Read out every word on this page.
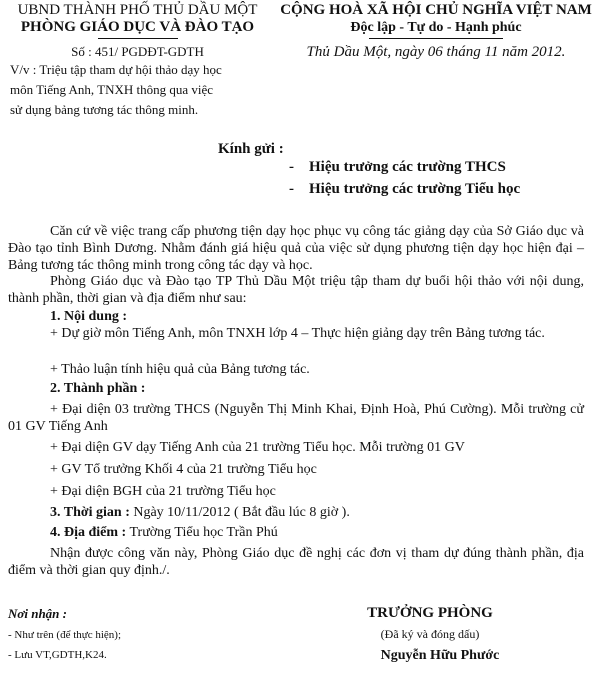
UBND THÀNH PHỐ THỦ DẦU MỘT
PHÒNG GIÁO DỤC VÀ ĐÀO TẠO
Số : 451/ PGDĐT-GDTH
V/v : Triệu tập tham dự hội thảo dạy học
môn Tiếng Anh, TNXH thông qua việc
sử dụng bảng tương tác thông minh.
CỘNG HOÀ XÃ HỘI CHỦ NGHĨA VIỆT NAM
Độc lập - Tự do - Hạnh phúc
Thủ Dầu Một, ngày 06 tháng 11 năm 2012.
Kính gửi :
- Hiệu trưởng các trường THCS
- Hiệu trưởng các trường Tiểu học
Căn cứ về việc trang cấp phương tiện dạy học phục vụ công tác giảng dạy của Sở Giáo dục và Đào tạo tỉnh Bình Dương. Nhằm đánh giá hiệu quả của việc sử dụng phương tiện dạy học hiện đại – Bảng tương tác thông minh trong công tác dạy và học.
Phòng Giáo dục và Đào tạo TP Thủ Dầu Một triệu tập tham dự buổi hội thảo với nội dung, thành phần, thời gian và địa điểm như sau:
1. Nội dung :
+ Dự giờ môn Tiếng Anh, môn TNXH lớp 4 – Thực hiện giảng dạy trên Bảng tương tác.
+ Thảo luận tính hiệu quả của Bảng tương tác.
2. Thành phần :
+ Đại diện 03 trường THCS (Nguyễn Thị Minh Khai, Định Hoà, Phú Cường). Mỗi trường cử 01 GV Tiếng Anh
+ Đại diện GV dạy Tiếng Anh của 21 trường Tiểu học. Mỗi trường 01 GV
+ GV Tổ trưởng Khối 4 của 21 trường Tiểu học
+ Đại diện BGH của 21 trường Tiểu học
3. Thời gian : Ngày 10/11/2012 ( Bắt đầu lúc 8 giờ ).
4. Địa điểm : Trường Tiểu học Trần Phú
Nhận được công văn này, Phòng Giáo dục đề nghị các đơn vị tham dự đúng thành phần, địa điểm và thời gian quy định./.
Nơi nhận :
- Như trên (để thực hiện);
- Lưu VT,GDTH,K24.
TRƯỞNG PHÒNG
(Đã ký và đóng dấu)
Nguyễn Hữu Phước
